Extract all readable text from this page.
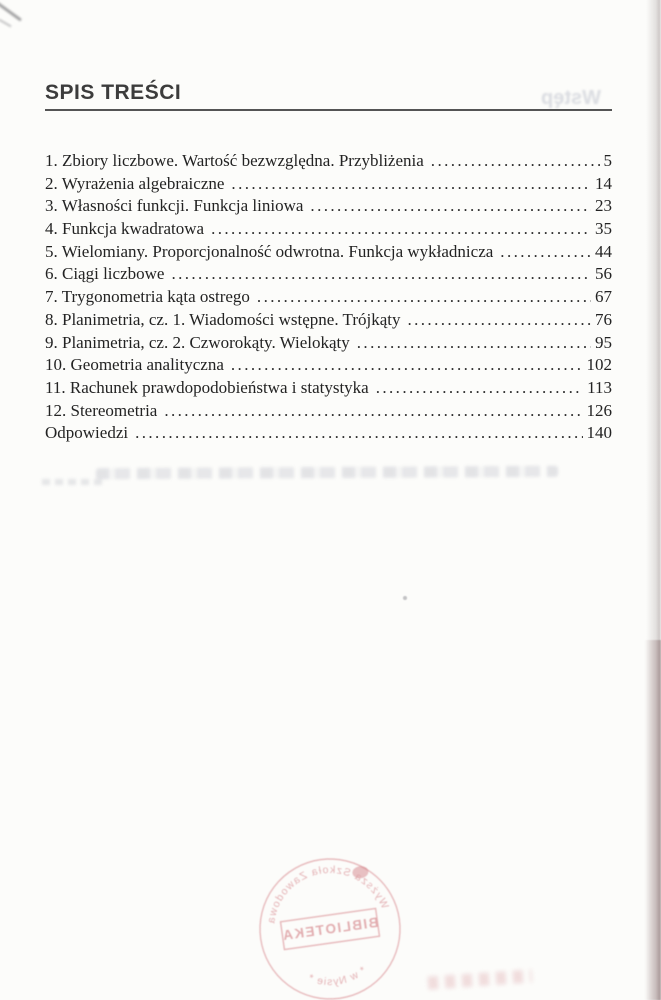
SPIS TREŚCI	Wstęp
1. Zbiory liczbowe. Wartość bezwzględna. Przybliżenia .....	5
2. Wyrażenia algebraiczne .....	14
3. Własności funkcji. Funkcja liniowa .....	23
4. Funkcja kwadratowa .....	35
5. Wielomiany. Proporcjonalność odwrotna. Funkcja wykładnicza .....	44
6. Ciągi liczbowe .....	56
7. Trygonometria kąta ostrego .....	67
8. Planimetria, cz. 1. Wiadomości wstępne. Trójkąty .....	76
9. Planimetria, cz. 2. Czworokąty. Wielokąty .....	95
10. Geometria analityczna .....	102
11. Rachunek prawdopodobieństwa i statystyka .....	113
12. Stereometria .....	126
Odpowiedzi .....	140
Wyższa Szkoła Zawodowa
* w Nysie *
BIBLIOTEKA
